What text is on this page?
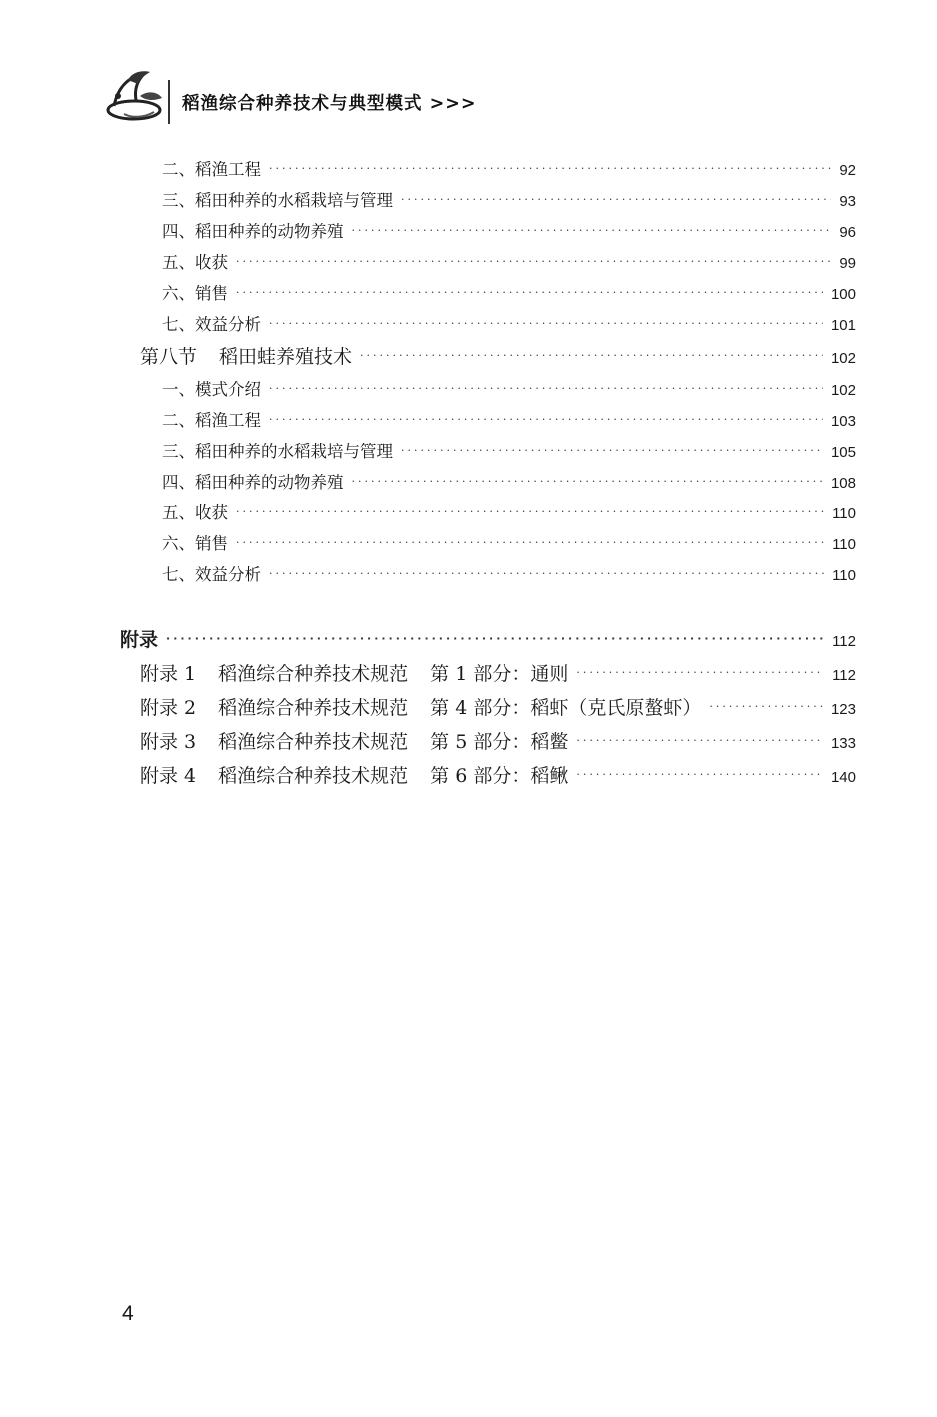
稻渔综合种养技术与典型模式 >>>
二、稻渔工程 ·····	92
三、稻田种养的水稻栽培与管理 ·····	93
四、稻田种养的动物养殖 ·····	96
五、收获 ·····	99
六、销售 ·····	100
七、效益分析 ·····	101
第八节 稻田蛙养殖技术 ·····	102
一、模式介绍 ·····	102
二、稻渔工程 ·····	103
三、稻田种养的水稻栽培与管理 ·····	105
四、稻田种养的动物养殖 ·····	108
五、收获 ·····	110
六、销售 ·····	110
七、效益分析 ·····	110
附录 ·····	112
附录 1 稻渔综合种养技术规范 第 1 部分：通则 ·····	112
附录 2 稻渔综合种养技术规范 第 4 部分：稻虾（克氏原螯虾） ·····	123
附录 3 稻渔综合种养技术规范 第 5 部分：稻鳖 ·····	133
附录 4 稻渔综合种养技术规范 第 6 部分：稻鳅 ·····	140
4
